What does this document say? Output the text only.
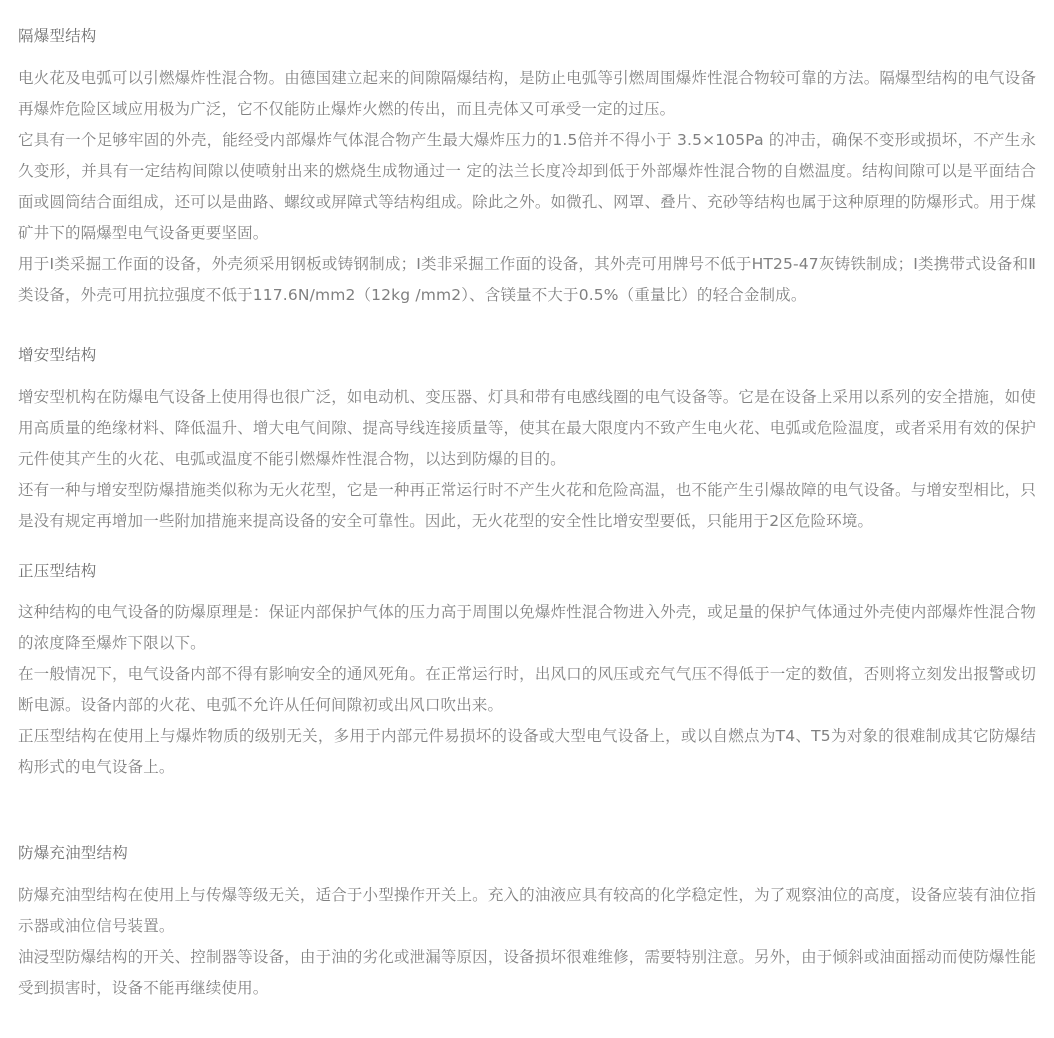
隔爆型结构

电火花及电弧可以引燃爆炸性混合物。由德国建立起来的间隙隔爆结构，是防止电弧等引燃周围爆炸性混合物较可靠的方法。隔爆型结构的电气设备再爆炸危险区域应用极为广泛，它不仅能防止爆炸火燃的传出，而且壳体又可承受一定的过压。

它具有一个足够牢固的外壳，能经受内部爆炸气体混合物产生最大爆炸压力的1.5倍并不得小于 3.5×105Pa 的冲击，确保不变形或损坏，不产生永久变形，并具有一定结构间隙以使喷射出来的燃烧生成物通过一 定的法兰长度冷却到低于外部爆炸性混合物的自燃温度。结构间隙可以是平面结合面或圆筒结合面组成，还可以是曲路、螺纹或屏障式等结构组成。除此之外。如微孔、网罩、叠片、充砂等结构也属于这种原理的防爆形式。用于煤矿井下的隔爆型电气设备更要坚固。

用于I类采掘工作面的设备，外壳须采用钢板或铸钢制成；I类非采掘工作面的设备，其外壳可用牌号不低于HT25-47灰铸铁制成；I类携带式设备和Ⅱ类设备，外壳可用抗拉强度不低于117.6N/mm2（12kg /mm2）、含镁量不大于0.5%（重量比）的轻合金制成。

增安型结构

增安型机构在防爆电气设备上使用得也很广泛，如电动机、变压器、灯具和带有电感线圈的电气设备等。它是在设备上采用以系列的安全措施，如使用高质量的绝缘材料、降低温升、增大电气间隙、提高导线连接质量等，使其在最大限度内不致产生电火花、电弧或危险温度，或者采用有效的保护元件使其产生的火花、电弧或温度不能引燃爆炸性混合物，以达到防爆的目的。

还有一种与增安型防爆措施类似称为无火花型，它是一种再正常运行时不产生火花和危险高温，也不能产生引爆故障的电气设备。与增安型相比，只是没有规定再增加一些附加措施来提高设备的安全可靠性。因此，无火花型的安全性比增安型要低，只能用于2区危险环境。

正压型结构

这种结构的电气设备的防爆原理是：保证内部保护气体的压力高于周围以免爆炸性混合物进入外壳，或足量的保护气体通过外壳使内部爆炸性混合物的浓度降至爆炸下限以下。

在一般情况下，电气设备内部不得有影响安全的通风死角。在正常运行时，出风口的风压或充气气压不得低于一定的数值，否则将立刻发出报警或切断电源。设备内部的火花、电弧不允许从任何间隙初或出风口吹出来。

正压型结构在使用上与爆炸物质的级别无关，多用于内部元件易损坏的设备或大型电气设备上，或以自燃点为T4、T5为对象的很难制成其它防爆结构形式的电气设备上。

防爆充油型结构

防爆充油型结构在使用上与传爆等级无关，适合于小型操作开关上。充入的油液应具有较高的化学稳定性，为了观察油位的高度，设备应装有油位指示器或油位信号装置。

油浸型防爆结构的开关、控制器等设备，由于油的劣化或泄漏等原因，设备损坏很难维修，需要特别注意。另外，由于倾斜或油面摇动而使防爆性能受到损害时，设备不能再继续使用。
